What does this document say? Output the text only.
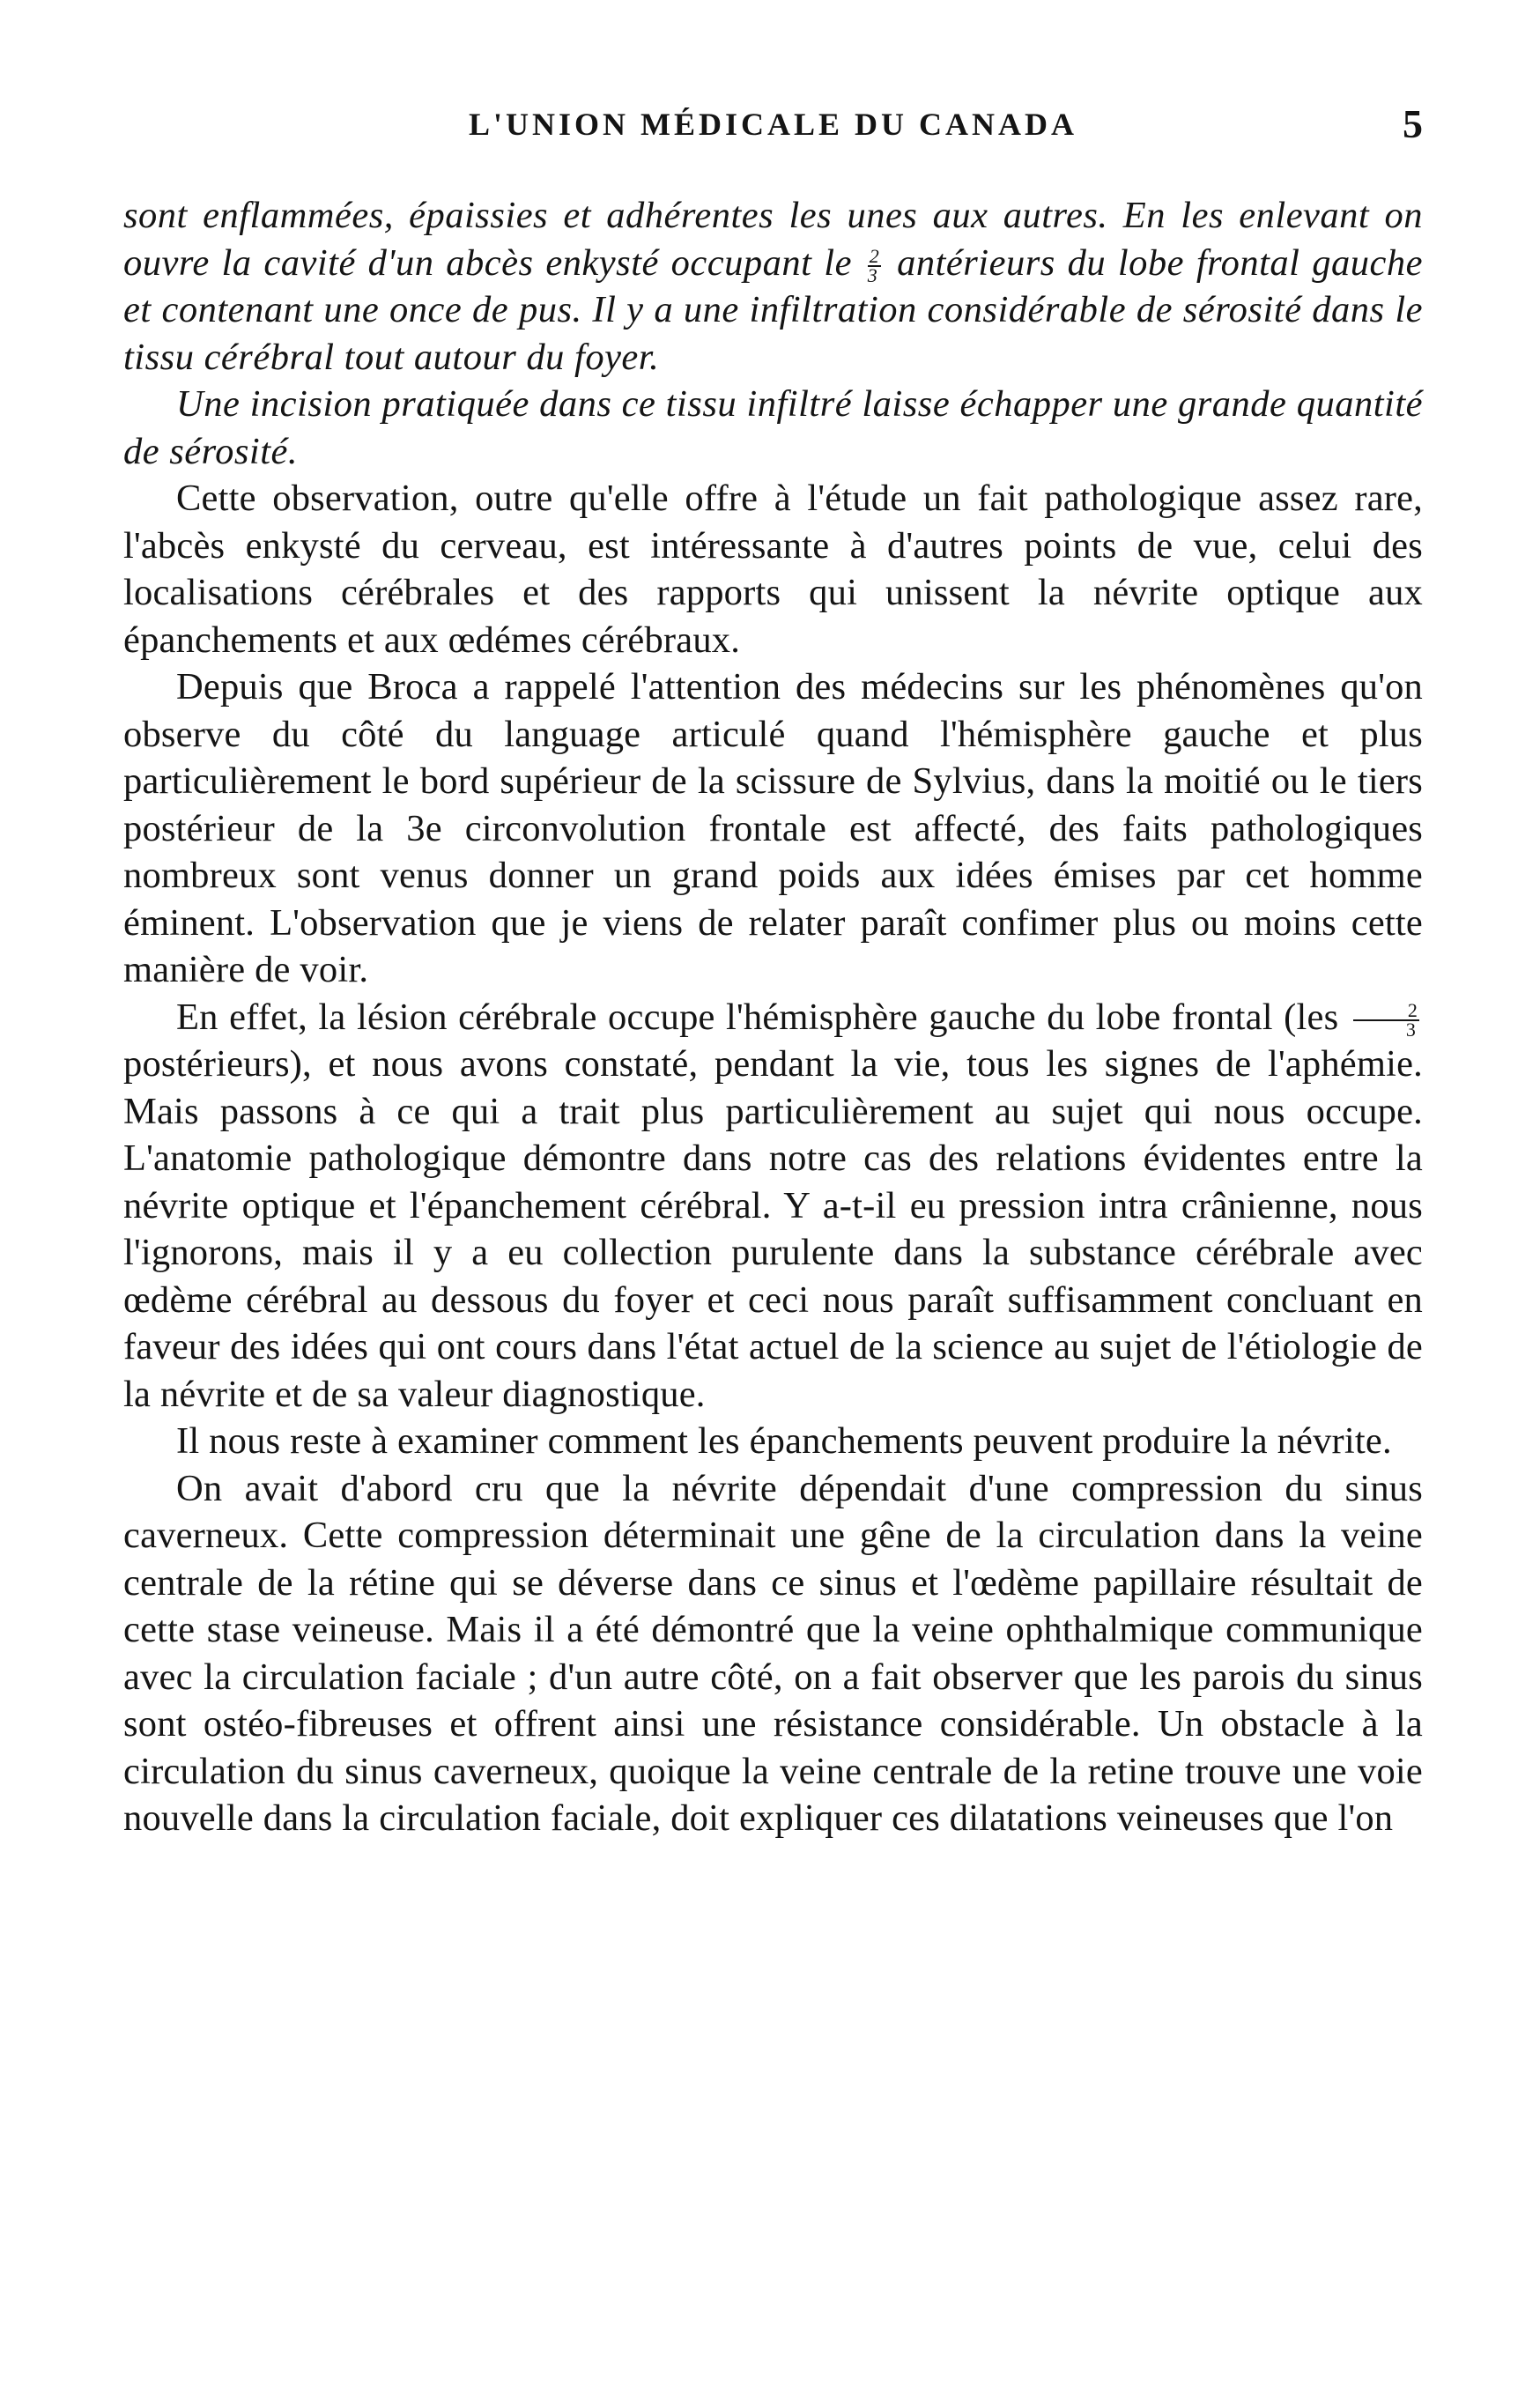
L'UNION MÉDICALE DU CANADA	5

sont enflammées, épaissies et adhérentes les unes aux autres. En les enlevant on ouvre la cavité d'un abcès enkysté occupant le $\frac{2}{3}$ antérieurs du lobe frontal gauche et contenant une once de pus. Il y a une infiltration considérable de sérosité dans le tissu cérébral tout autour du foyer.

Une incision pratiquée dans ce tissu infiltré laisse échapper une grande quantité de sérosité.

Cette observation, outre qu'elle offre à l'étude un fait pathologique assez rare, l'abcès enkysté du cerveau, est intéressante à d'autres points de vue, celui des localisations cérébrales et des rapports qui unissent la névrite optique aux épanchements et aux œdémes cérébraux.

Depuis que Broca a rappelé l'attention des médecins sur les phénomènes qu'on observe du côté du language articulé quand l'hémisphère gauche et plus particulièrement le bord supérieur de la scissure de Sylvius, dans la moitié ou le tiers postérieur de la 3e circonvolution frontale est affecté, des faits pathologiques nombreux sont venus donner un grand poids aux idées émises par cet homme éminent. L'observation que je viens de relater paraît confimer plus ou moins cette manière de voir.

En effet, la lésion cérébrale occupe l'hémisphère gauche du lobe frontal ($les \frac{2}{3}$
postérieurs), et nous avons constaté, pendant la vie, tous les signes de l'aphémie. Mais passons à ce qui a trait plus particulièrement au sujet qui nous occupe. L'anatomie pathologique démontre dans notre cas des relations évidentes entre la névrite optique et l'épanchement cérébral. Y a-t-il eu pression intra crânienne, nous l'ignorons, mais il y a eu collection purulente dans la substance cérébrale avec œdème cérébral au dessous du foyer et ceci nous paraît suffisamment concluant en faveur des idées qui ont cours dans l'état actuel de la science au sujet de l'étiologie de la névrite et de sa valeur diagnostique.

Il nous reste à examiner comment les épanchements peuvent produire la névrite.

On avait d'abord cru que la névrite dépendait d'une compression du sinus caverneux. Cette compression déterminait une gêne de la circulation dans la veine centrale de la rétine qui se déverse dans ce sinus et l'œdème papillaire résultait de cette stase veineuse. Mais il a été démontré que la veine ophthalmique communique avec la circulation faciale ; d'un autre côté, on a fait observer que les parois du sinus sont ostéo-fibreuses et offrent ainsi une résistance considérable. Un obstacle à la circulation du sinus caverneux, quoique la veine centrale de la retine trouve une voie nouvelle dans la circulation faciale, doit expliquer ces dilatations veineuses que l'on
